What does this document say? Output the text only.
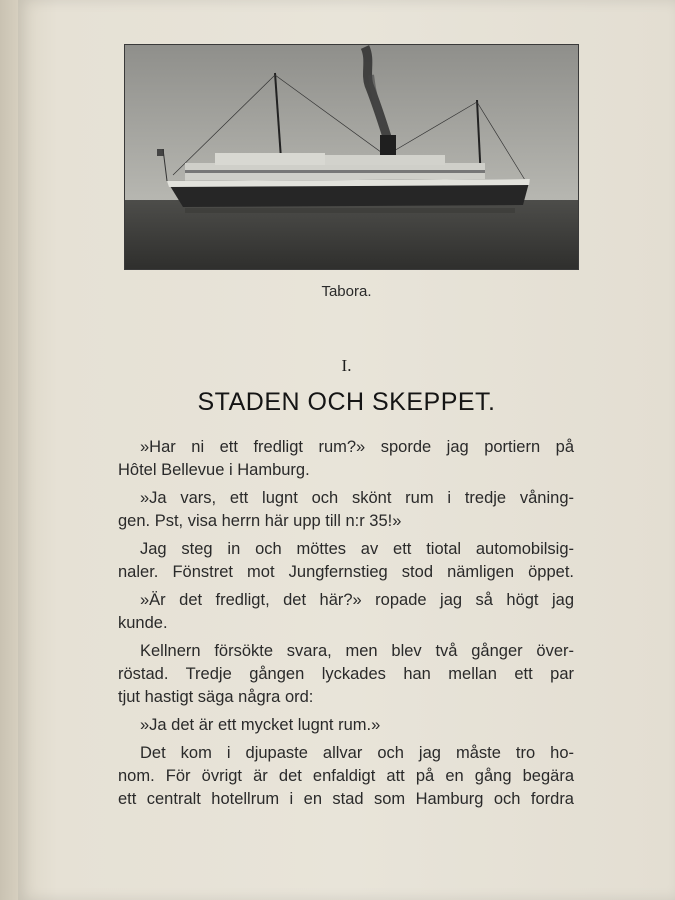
Tabora.
I.
STADEN OCH SKEPPET.

»Har ni ett fredligt rum?» sporde jag portiern på
Hôtel Bellevue i Hamburg.

»Ja vars, ett lugnt och skönt rum i tredje våning-
gen. Pst, visa herrn här upp till n:r 35!»

Jag steg in och möttes av ett tiotal automobilsig-
naler. Fönstret mot Jungfernstieg stod nämligen öppet.

»Är det fredligt, det här?» ropade jag så högt jag
kunde.

Kellnern försökte svara, men blev två gånger över-
röstad. Tredje gången lyckades han mellan ett par
tjut hastigt säga några ord:

»Ja det är ett mycket lugnt rum.»

Det kom i djupaste allvar och jag måste tro ho-
nom. För övrigt är det enfaldigt att på en gång begära
ett centralt hotellrum i en stad som Hamburg och fordra
